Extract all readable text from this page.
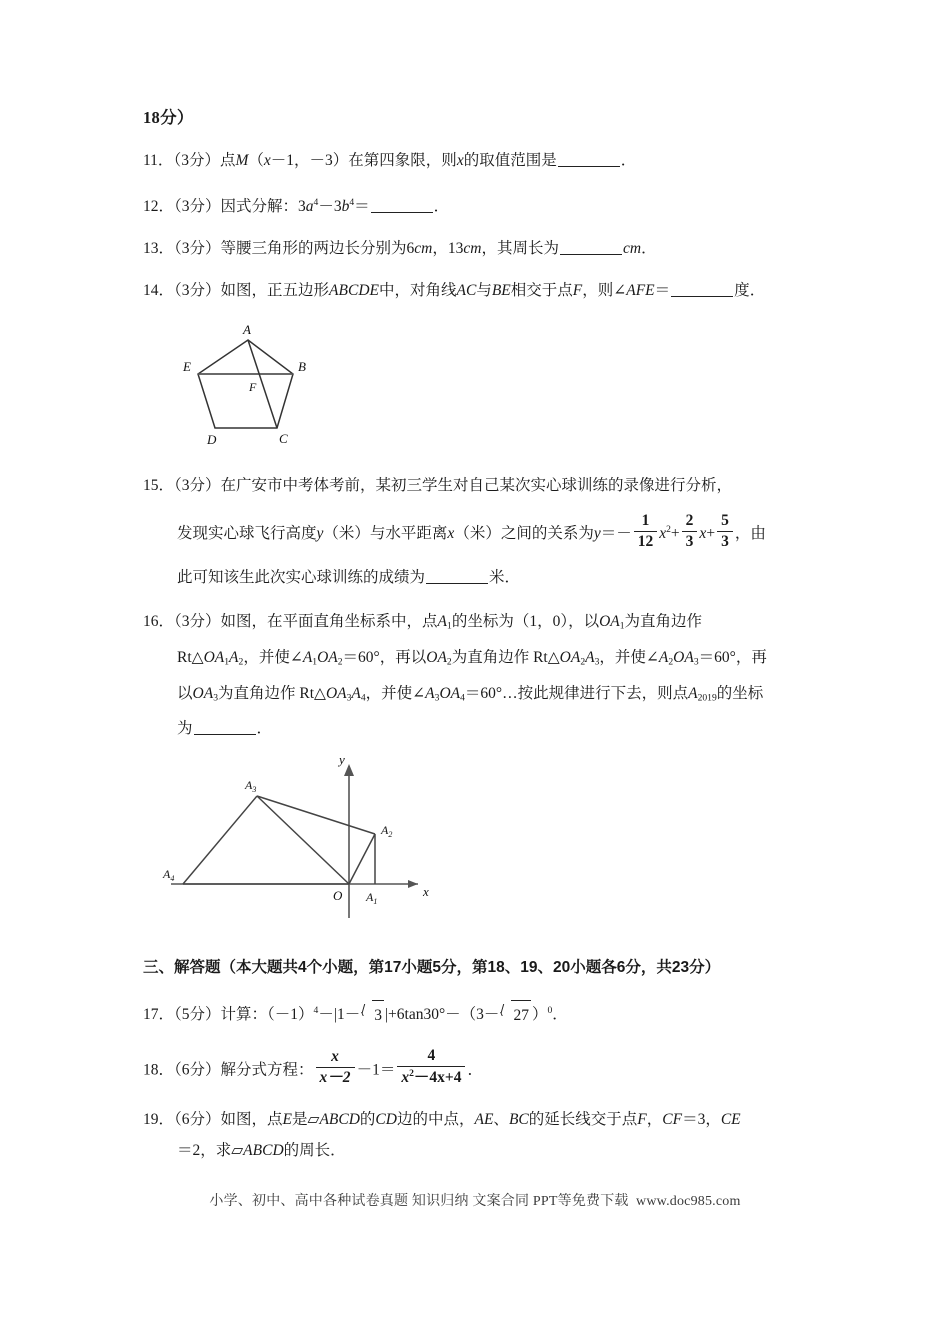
18分）
11．（3分）点M（x－1，－3）在第四象限，则x的取值范围是	．
12．（3分）因式分解：$3a^4-3b^4=$	．
13．（3分）等腰三角形的两边长分别为6cm，13cm，其周长为	cm．
14．（3分）如图，正五边形ABCDE中，对角线AC与BE相交于点F，则∠AFE＝	度．
A
B
C
D
E
F
15．（3分）在广安市中考体考前，某初三学生对自己某次实心球训练的录像进行分析，
发现实心球飞行高度y（米）与水平距离x（米）之间的关系为$y=- \frac{1}{12} x^2+ \frac{2}{3} x+ \frac{5}{3}$ ，由
此可知该生此次实心球训练的成绩为	米．
16．（3分）如图，在平面直角坐标系中，点$A_1$的坐标为（1，0），以$OA_1$为直角边作
$Rt\triangle OA_1A_2$，并使$\angle A_1OA_2=60^\circ$，再以$OA_2$为直角边作 $Rt\triangle OA_2A_3$，并使$\angle A_2OA_3=60^\circ$，再
以$OA_3$为直角边作 $Rt\triangle OA_3A_4$，并使$\angle A_3OA_4=60^\circ\dots$按此规律进行下去，则点$A_{2019}$的坐标
为	．
y
x
O $A_1$
$A_2$
$A_3$
$A_4$
三、解答题（本大题共4个小题，第17小题5分，第18、19、20小题各6分，共23分）
17．（5分）计算：$(-1)^4-|1- 3$ |+6tan30°－（3－ 27 ）$^0$．
18．（6分）解分式方程： $\frac{x}{x-2} -1= \frac{4}{x^2-4x+4}$ ．
19．（6分）如图，点E是▱ABCD的CD边的中点，AE、BC的延长线交于点F，CF＝3，CE
＝2，求▱ABCD的周长．
小学、初中、高中各种试卷真题 知识归纳 文案合同 PPT等免费下载 www.doc985.com
